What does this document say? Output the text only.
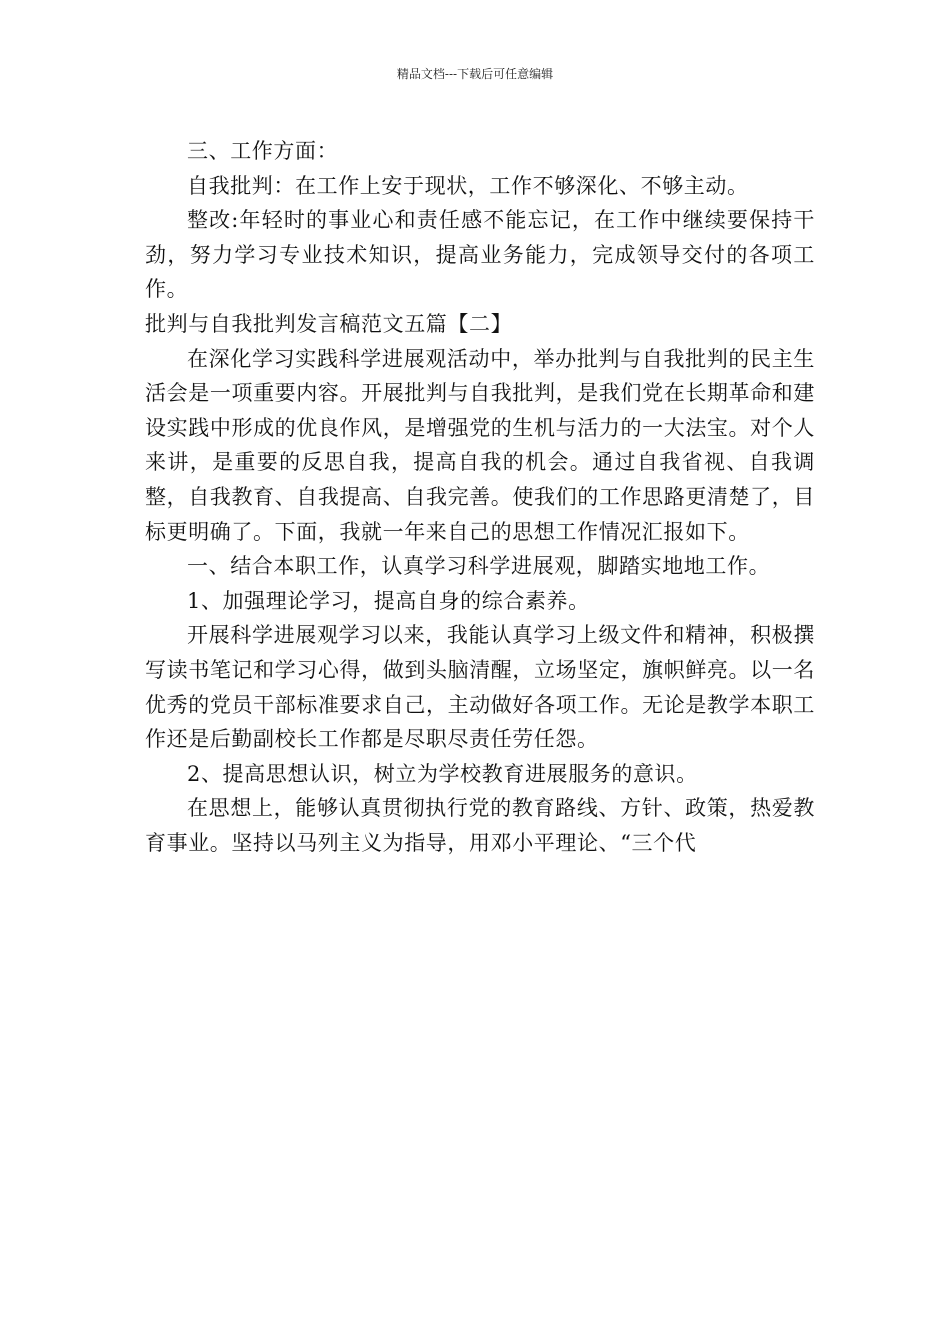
精品文档---下载后可任意编辑

三、工作方面：

自我批判：在工作上安于现状，工作不够深化、不够主动。

整改:年轻时的事业心和责任感不能忘记，在工作中继续要保持干劲，努力学习专业技术知识，提高业务能力，完成领导交付的各项工作。

批判与自我批判发言稿范文五篇【二】

在深化学习实践科学进展观活动中，举办批判与自我批判的民主生活会是一项重要内容。开展批判与自我批判，是我们党在长期革命和建设实践中形成的优良作风，是增强党的生机与活力的一大法宝。对个人来讲，是重要的反思自我，提高自我的机会。通过自我省视、自我调整，自我教育、自我提高、自我完善。使我们的工作思路更清楚了，目标更明确了。下面，我就一年来自己的思想工作情况汇报如下。

一、结合本职工作，认真学习科学进展观，脚踏实地地工作。

1、加强理论学习，提高自身的综合素养。

开展科学进展观学习以来，我能认真学习上级文件和精神，积极撰写读书笔记和学习心得，做到头脑清醒，立场坚定，旗帜鲜亮。以一名优秀的党员干部标准要求自己，主动做好各项工作。无论是教学本职工作还是后勤副校长工作都是尽职尽责任劳任怨。

2、提高思想认识，树立为学校教育进展服务的意识。

在思想上，能够认真贯彻执行党的教育路线、方针、政策，热爱教育事业。坚持以马列主义为指导，用邓小平理论、“三个代
